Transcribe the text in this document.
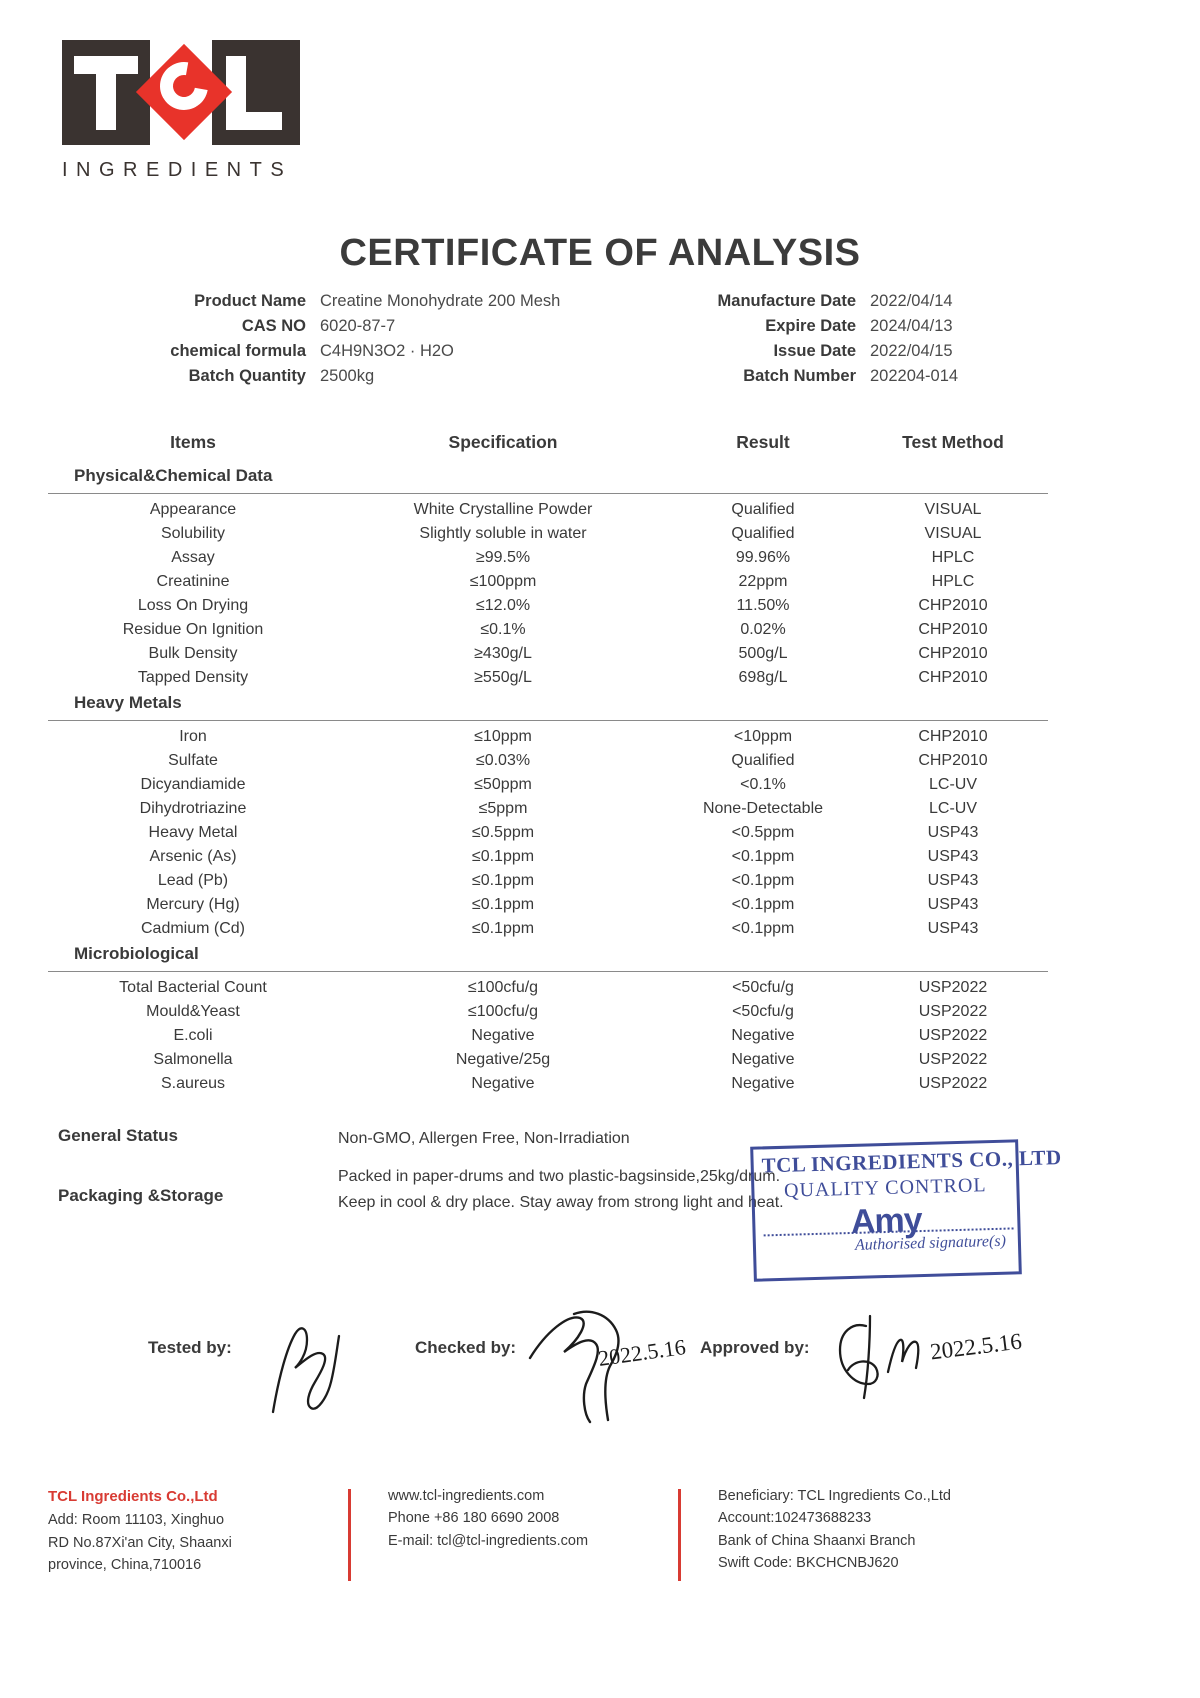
INGREDIENTS
CERTIFICATE OF ANALYSIS
Product Name Creatine Monohydrate 200 Mesh	Manufacture Date 2022/04/14
CAS NO 6020-87-7	Expire Date 2024/04/13
chemical formula C4H9N3O2 · H2O	Issue Date 2022/04/15
Batch Quantity 2500kg	Batch Number 202204-014
Items	Specification	Result	Test Method
Physical&Chemical Data
Appearance	White Crystalline Powder	Qualified	VISUAL
Solubility	Slightly soluble in water	Qualified	VISUAL
Assay	≥99.5%	99.96%	HPLC
Creatinine	≤100ppm	22ppm	HPLC
Loss On Drying	≤12.0%	11.50%	CHP2010
Residue On Ignition	≤0.1%	0.02%	CHP2010
Bulk Density	≥430g/L	500g/L	CHP2010
Tapped Density	≥550g/L	698g/L	CHP2010
Heavy Metals
Iron	≤10ppm	<10ppm	CHP2010
Sulfate	≤0.03%	Qualified	CHP2010
Dicyandiamide	≤50ppm	<0.1%	LC-UV
Dihydrotriazine	≤5ppm	None-Detectable	LC-UV
Heavy Metal	≤0.5ppm	<0.5ppm	USP43
Arsenic (As)	≤0.1ppm	<0.1ppm	USP43
Lead (Pb)	≤0.1ppm	<0.1ppm	USP43
Mercury (Hg)	≤0.1ppm	<0.1ppm	USP43
Cadmium (Cd)	≤0.1ppm	<0.1ppm	USP43
Microbiological
Total Bacterial Count	≤100cfu/g	<50cfu/g	USP2022
Mould&Yeast	≤100cfu/g	<50cfu/g	USP2022
E.coli	Negative	Negative	USP2022
Salmonella	Negative/25g	Negative	USP2022
S.aureus	Negative	Negative	USP2022
General Status	Non-GMO, Allergen Free, Non-Irradiation
Packaging &Storage
Packed in paper-drums and two plastic-bagsinside,25kg/drum.
Keep in cool & dry place. Stay away from strong light and heat.
TCL INGREDIENTS CO., LTD
QUALITY CONTROL
Amy
Authorised signature(s)
Tested by:	Checked by:	Approved by:
2022.5.16	2022.5.16
TCL Ingredients Co.,Ltd
Add: Room 11103, Xinghuo
RD No.87Xi'an City, Shaanxi
province, China,710016
www.tcl-ingredients.com
Phone +86 180 6690 2008
E-mail: tcl@tcl-ingredients.com
Beneficiary: TCL Ingredients Co.,Ltd
Account:102473688233
Bank of China Shaanxi Branch
Swift Code: BKCHCNBJ620
